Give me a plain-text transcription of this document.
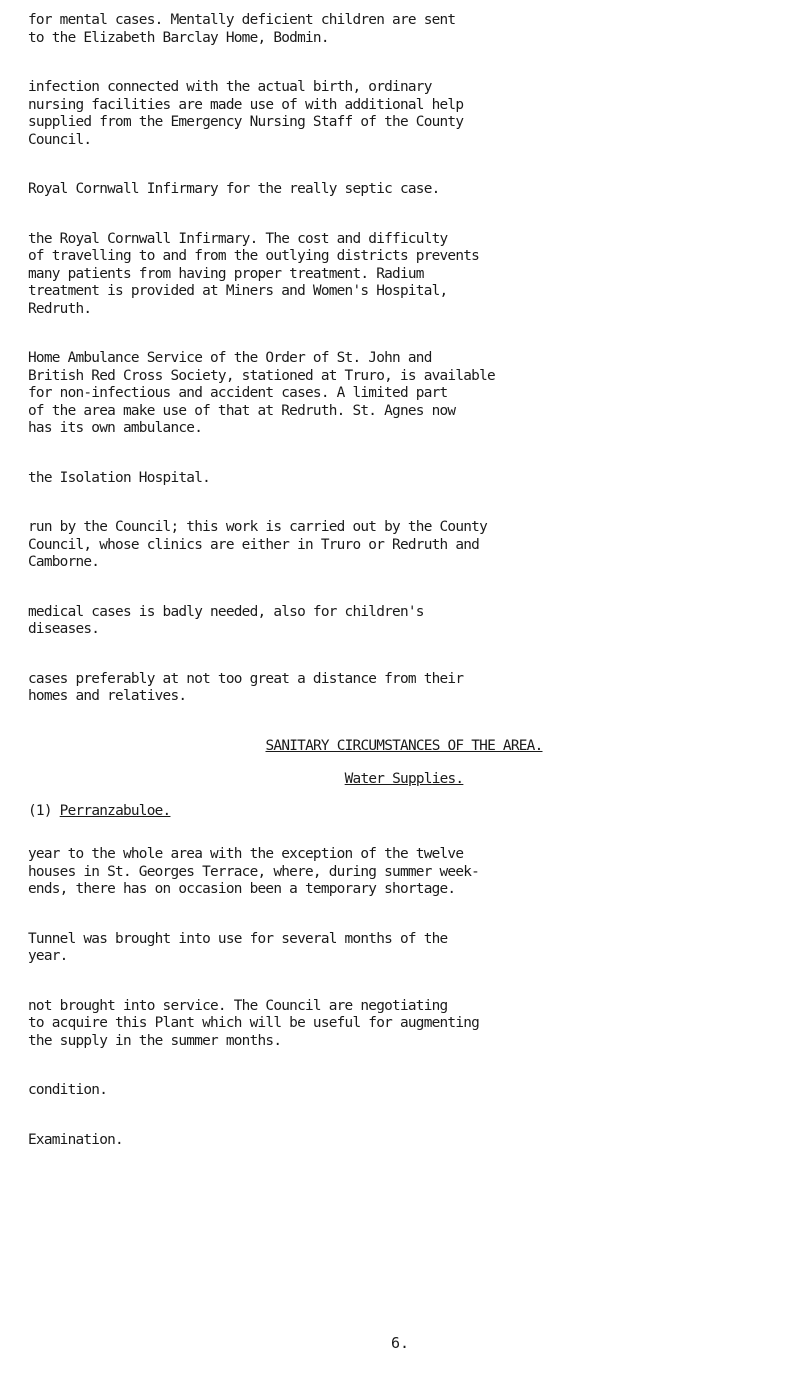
for mental cases. Mentally deficient children are sent
to the Elizabeth Barclay Home, Bodmin.
infection connected with the actual birth, ordinary
nursing facilities are made use of with additional help
supplied from the Emergency Nursing Staff of the County
Council.
Royal Cornwall Infirmary for the really septic case.
the Royal Cornwall Infirmary. The cost and difficulty
of travelling to and from the outlying districts prevents
many patients from having proper treatment. Radium
treatment is provided at Miners and Women's Hospital,
Redruth.
Home Ambulance Service of the Order of St. John and
British Red Cross Society, stationed at Truro, is available
for non-infectious and accident cases. A limited part
of the area make use of that at Redruth. St. Agnes now
has its own ambulance.
the Isolation Hospital.
run by the Council; this work is carried out by the County
Council, whose clinics are either in Truro or Redruth and
Camborne.
medical cases is badly needed, also for children's
diseases.
cases preferably at not too great a distance from their
homes and relatives.
SANITARY CIRCUMSTANCES OF THE AREA.
Water Supplies.
(1) Perranzabuloe.
year to the whole area with the exception of the twelve
houses in St. Georges Terrace, where, during summer week-
ends, there has on occasion been a temporary shortage.
Tunnel was brought into use for several months of the
year.
not brought into service. The Council are negotiating
to acquire this Plant which will be useful for augmenting
the supply in the summer months.
condition.
Examination.
6.
